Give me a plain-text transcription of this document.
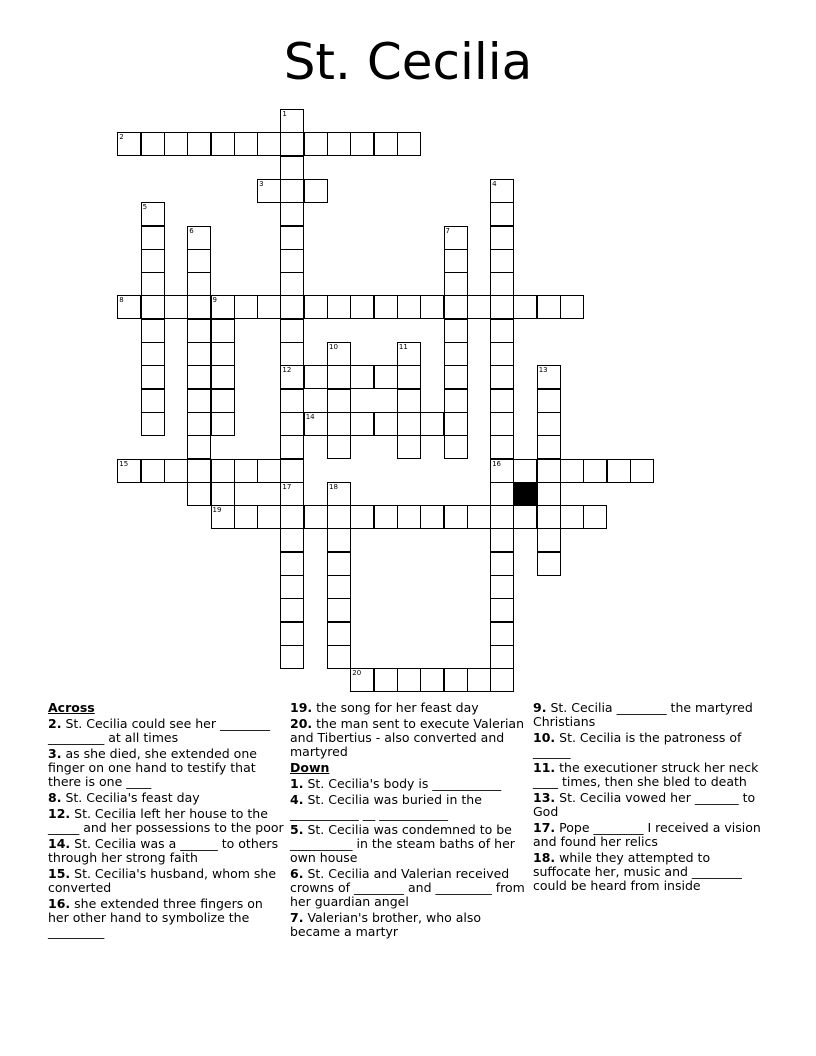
St. Cecilia
1
12
2
3	4
16
5
6	7
8	9
10	11
13
14
15
17	18
19
20
Across
2. St. Cecilia could see her ________ _________ at all times
3. as she died, she extended one finger on one hand to testify that there is one ____
8. St. Cecilia's feast day
12. St. Cecilia left her house to the _____ and her possessions to the poor
14. St. Cecilia was a ______ to others through her strong faith
15. St. Cecilia's husband, whom she converted
16. she extended three fingers on her other hand to symbolize the _________
19. the song for her feast day
20. the man sent to execute Valerian and Tibertius - also converted and martyred
Down
1. St. Cecilia's body is ___________
4. St. Cecilia was buried in the ___________ __ ___________
5. St. Cecilia was condemned to be __________ in the steam baths of her own house
6. St. Cecilia and Valerian received crowns of ________ and _________ from her guardian angel
7. Valerian's brother, who also became a martyr
9. St. Cecilia ________ the martyred Christians
10. St. Cecilia is the patroness of ______
11. the executioner struck her neck ____ times, then she bled to death
13. St. Cecilia vowed her _______ to God
17. Pope ________ I received a vision and found her relics
18. while they attempted to suffocate her, music and ________ could be heard from inside
